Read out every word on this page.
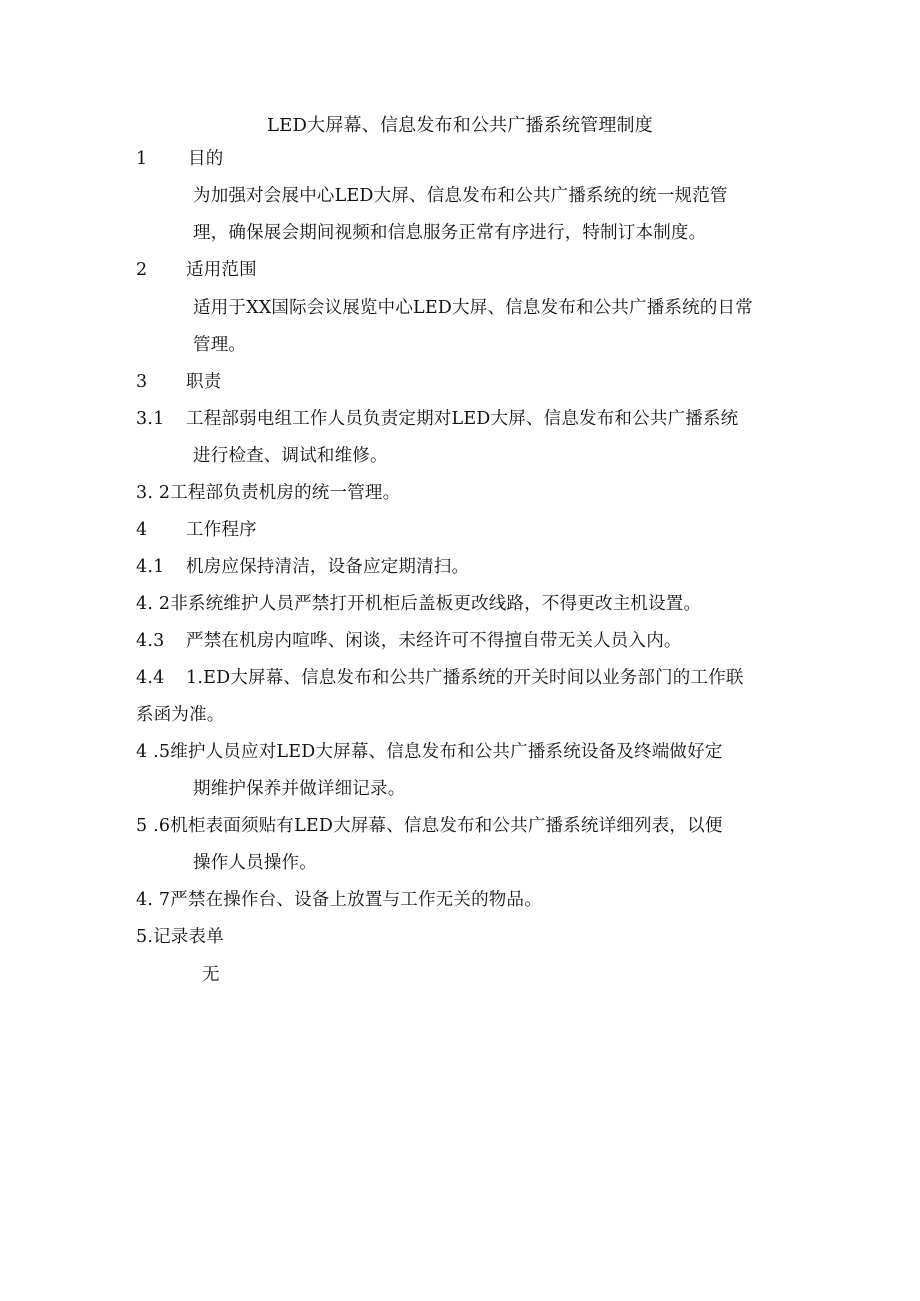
LED大屏幕、信息发布和公共广播系统管理制度
1 目的
为加强对会展中心LED大屏、信息发布和公共广播系统的统一规范管
理，确保展会期间视频和信息服务正常有序进行，特制订本制度。
2 适用范围
适用于XX国际会议展览中心LED大屏、信息发布和公共广播系统的日常
管理。
3 职责
3.1 工程部弱电组工作人员负责定期对LED大屏、信息发布和公共广播系统
进行检查、调试和维修。
3. 2工程部负责机房的统一管理。
4 工作程序
4.1 机房应保持清洁，设备应定期清扫。
4. 2非系统维护人员严禁打开机柜后盖板更改线路，不得更改主机设置。
4.3 严禁在机房内喧哗、闲谈，未经许可不得擅自带无关人员入内。
4.4 1.ED大屏幕、信息发布和公共广播系统的开关时间以业务部门的工作联
系函为准。
4 .5维护人员应对LED大屏幕、信息发布和公共广播系统设备及终端做好定
期维护保养并做详细记录。
5 .6机柜表面须贴有LED大屏幕、信息发布和公共广播系统详细列表，以便
操作人员操作。
4. 7严禁在操作台、设备上放置与工作无关的物品。
5.记录表单
无
